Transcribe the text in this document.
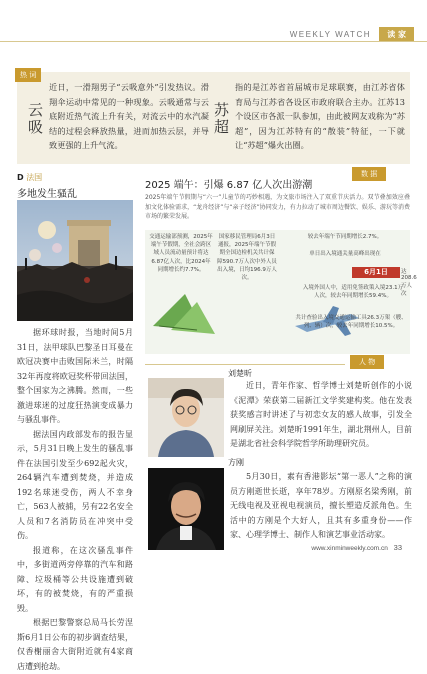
WEEKLY WATCH	读 家
热 词
云吸

近日，一滑翔男子“云吸意外”引发热议。滑翔伞运动中常见的一种现象。云吸通常与云底附近热气流上升有关，对流云中的水汽凝结的过程会释放热量，进而加热云层，并导致更强的上升气流。

苏超

指的是江苏省首届城市足球联赛，由江苏省体育局与江苏省各设区市政府联合主办。江苏13个设区市各派一队参加，由此被网友戏称为“苏超”，因为江苏特有的“散装”特征，一下就让“苏超”爆火出圈。

D 法国
多地发生骚乱

据环球时报，当地时间5月31日，法甲球队巴黎圣日耳曼在欧冠决赛中击败国际米兰，时隔32年再度将欧冠奖杯带回法国，整个国家为之沸腾。然而，一些激进球迷的过度狂热演变成暴力与骚乱事件。

据法国内政部发布的报告显示，5月31日晚上发生的骚乱事件在法国引发至少692起火灾，264辆汽车遭到焚烧，并造成192名球迷受伤，两人不幸身亡，563人被捕，另有22名安全人员和7名消防员在冲突中受伤。

报道称，在这次骚乱事件中，多街道两旁停靠的汽车和路障、垃圾桶等公共设施遭到破坏，有的被焚烧，有的严重损毁。

根据巴黎警察总局马长劳涅斯6月1日公布的初步调查结果，仅香榭丽舍大街附近就有4家商店遭到抢劫。

数 据
2025 端午：引爆 6.87 亿人次出游潮

2025年端午节假期与“六一”儿童节的巧妙相遇，为文旅市场注入了双重节庆活力。双节叠加效应叠加文化体验需求，“龙舟经济”与“亲子经济”协同发力，有力拉动了城市周边餐饮、娱乐、游玩等消费市场的繁荣发展。

交通运输部预测，2025年端午节假期，全社会跨区域人员流动量预计将达6.87亿人次，比2024年同期增长约7.7%。
国家移民管理局6月3日通报，2025年端午节假期全国边检机关共计保障590.7万人次中外人员出入境，日均196.9万人次。
较去年端午节同期增长2.7%。
单日出入境通关量高峰出现在
6月1日	达208.6万人次
入境外国人中，适用免签政策入境23.1万人次，较去年同期增长59.4%。
共计查验出入境交通运输工具26.3万架（艘、列、辆）次，较去年同期增长10.5%。
人 物
刘楚昕

近日，青年作家、哲学博士刘楚昕创作的小说《泥潭》荣获第二届新江文学奖建构奖。他在发表获奖感言时讲述了与初恋女友的感人故事，引发全网刷屏关注。刘楚昕1991年生，湖北荆州人，目前是湖北省社会科学院哲学所助理研究员。

方刚

5月30日，素有香港影坛“第一恶人”之称的演员方刚逝世长逝，享年78岁。方刚原名梁秀刚，前无线电视及亚视电视演员，擅长塑造反派角色。生活中的方刚是个大好人，且其有多重身份——作家、心理学博士、制作人和演艺事业活动家。

www.xinminweekly.com.cn 33
